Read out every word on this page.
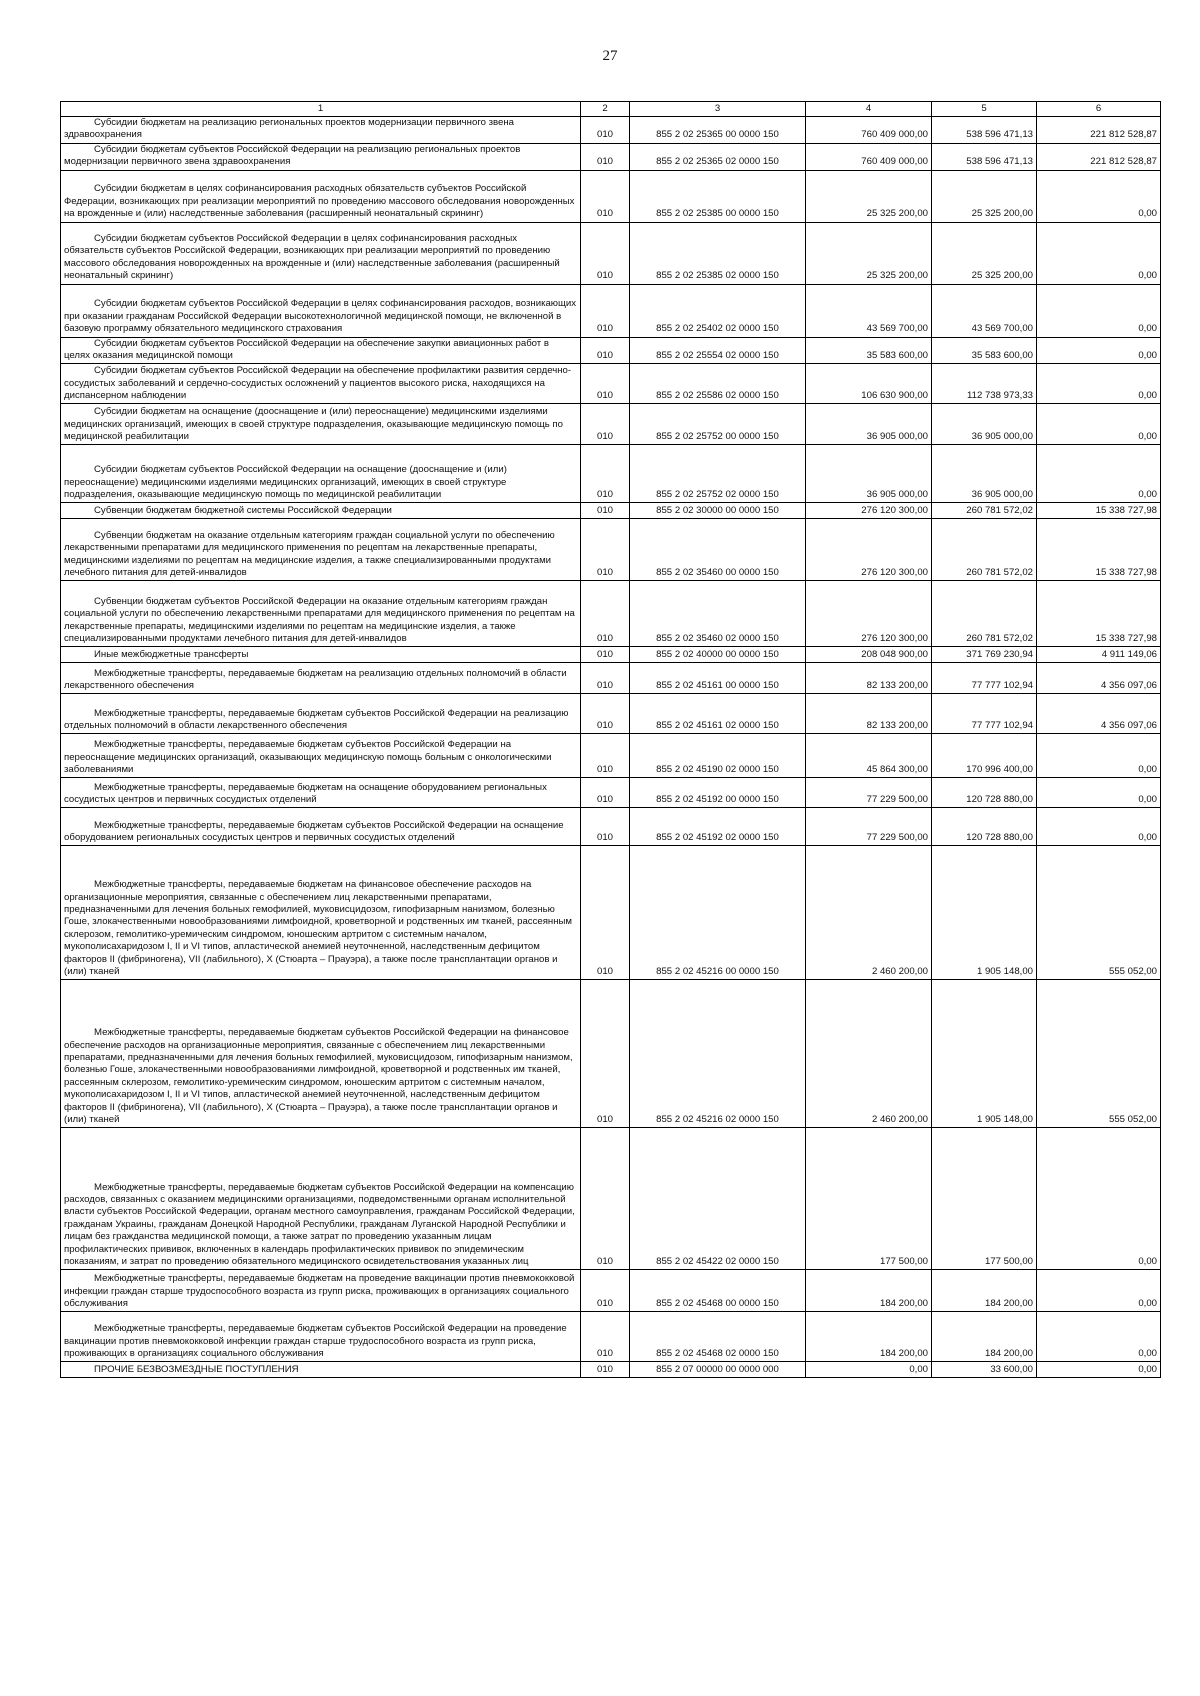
27
1	2	3	4	5	6

Субсидии бюджетам на реализацию региональных проектов модернизации первичного звена здравоохранения	010	855 2 02 25365 00 0000 150	760 409 000,00	538 596 471,13	221 812 528,87

Субсидии бюджетам субъектов Российской Федерации на реализацию региональных проектов модернизации первичного звена здравоохранения	010	855 2 02 25365 02 0000 150	760 409 000,00	538 596 471,13	221 812 528,87

Субсидии бюджетам в целях софинансирования расходных обязательств субъектов Российской Федерации, возникающих при реализации мероприятий по проведению массового обследования новорожденных на врожденные и (или) наследственные заболевания (расширенный неонатальный скрининг)	010	855 2 02 25385 00 0000 150	25 325 200,00	25 325 200,00	0,00

Субсидии бюджетам субъектов Российской Федерации в целях софинансирования расходных обязательств субъектов Российской Федерации, возникающих при реализации мероприятий по проведению массового обследования новорожденных на врожденные и (или) наследственные заболевания (расширенный неонатальный скрининг)	010	855 2 02 25385 02 0000 150	25 325 200,00	25 325 200,00	0,00

Субсидии бюджетам субъектов Российской Федерации в целях софинансирования расходов, возникающих при оказании гражданам Российской Федерации высокотехнологичной медицинской помощи, не включенной в базовую программу обязательного медицинского страхования	010	855 2 02 25402 02 0000 150	43 569 700,00	43 569 700,00	0,00

Субсидии бюджетам субъектов Российской Федерации на обеспечение закупки авиационных работ в целях оказания медицинской помощи	010	855 2 02 25554 02 0000 150	35 583 600,00	35 583 600,00	0,00

Субсидии бюджетам субъектов Российской Федерации на обеспечение профилактики развития сердечно-сосудистых заболеваний и сердечно-сосудистых осложнений у пациентов высокого риска, находящихся на диспансерном наблюдении	010	855 2 02 25586 02 0000 150	106 630 900,00	112 738 973,33	0,00

Субсидии бюджетам на оснащение (дооснащение и (или) переоснащение) медицинскими изделиями медицинских организаций, имеющих в своей структуре подразделения, оказывающие медицинскую помощь по медицинской реабилитации	010	855 2 02 25752 00 0000 150	36 905 000,00	36 905 000,00	0,00

Субсидии бюджетам субъектов Российской Федерации на оснащение (дооснащение и (или) переоснащение) медицинскими изделиями медицинских организаций, имеющих в своей структуре подразделения, оказывающие медицинскую помощь по медицинской реабилитации	010	855 2 02 25752 02 0000 150	36 905 000,00	36 905 000,00	0,00

Субвенции бюджетам бюджетной системы Российской Федерации	010	855 2 02 30000 00 0000 150	276 120 300,00	260 781 572,02	15 338 727,98

Субвенции бюджетам на оказание отдельным категориям граждан социальной услуги по обеспечению лекарственными препаратами для медицинского применения по рецептам на лекарственные препараты, медицинскими изделиями по рецептам на медицинские изделия, а также специализированными продуктами лечебного питания для детей-инвалидов	010	855 2 02 35460 00 0000 150	276 120 300,00	260 781 572,02	15 338 727,98

Субвенции бюджетам субъектов Российской Федерации на оказание отдельным категориям граждан социальной услуги по обеспечению лекарственными препаратами для медицинского применения по рецептам на лекарственные препараты, медицинскими изделиями по рецептам на медицинские изделия, а также специализированными продуктами лечебного питания для детей-инвалидов	010	855 2 02 35460 02 0000 150	276 120 300,00	260 781 572,02	15 338 727,98

Иные межбюджетные трансферты	010	855 2 02 40000 00 0000 150	208 048 900,00	371 769 230,94	4 911 149,06

Межбюджетные трансферты, передаваемые бюджетам на реализацию отдельных полномочий в области лекарственного обеспечения	010	855 2 02 45161 00 0000 150	82 133 200,00	77 777 102,94	4 356 097,06

Межбюджетные трансферты, передаваемые бюджетам субъектов Российской Федерации на реализацию отдельных полномочий в области лекарственного обеспечения	010	855 2 02 45161 02 0000 150	82 133 200,00	77 777 102,94	4 356 097,06

Межбюджетные трансферты, передаваемые бюджетам субъектов Российской Федерации на переоснащение медицинских организаций, оказывающих медицинскую помощь больным с онкологическими заболеваниями	010	855 2 02 45190 02 0000 150	45 864 300,00	170 996 400,00	0,00

Межбюджетные трансферты, передаваемые бюджетам на оснащение оборудованием региональных сосудистых центров и первичных сосудистых отделений	010	855 2 02 45192 00 0000 150	77 229 500,00	120 728 880,00	0,00

Межбюджетные трансферты, передаваемые бюджетам субъектов Российской Федерации на оснащение оборудованием региональных сосудистых центров и первичных сосудистых отделений	010	855 2 02 45192 02 0000 150	77 229 500,00	120 728 880,00	0,00

Межбюджетные трансферты, передаваемые бюджетам на финансовое обеспечение расходов на организационные мероприятия, связанные с обеспечением лиц лекарственными препаратами, предназначенными для лечения больных гемофилией, муковисцидозом, гипофизарным нанизмом, болезнью Гоше, злокачественными новообразованиями лимфоидной, кроветворной и родственных им тканей, рассеянным склерозом, гемолитико-уремическим синдромом, юношеским артритом с системным началом, мукополисахаридозом I, II и VI типов, апластической анемией неуточненной, наследственным дефицитом факторов II (фибриногена), VII (лабильного), X (Стюарта – Прауэра), а также после трансплантации органов и (или) тканей	010	855 2 02 45216 00 0000 150	2 460 200,00	1 905 148,00	555 052,00

Межбюджетные трансферты, передаваемые бюджетам субъектов Российской Федерации на финансовое обеспечение расходов на организационные мероприятия, связанные с обеспечением лиц лекарственными препаратами, предназначенными для лечения больных гемофилией, муковисцидозом, гипофизарным нанизмом, болезнью Гоше, злокачественными новообразованиями лимфоидной, кроветворной и родственных им тканей, рассеянным склерозом, гемолитико-уремическим синдромом, юношеским артритом с системным началом, мукополисахаридозом I, II и VI типов, апластической анемией неуточненной, наследственным дефицитом факторов II (фибриногена), VII (лабильного), X (Стюарта – Прауэра), а также после трансплантации органов и (или) тканей	010	855 2 02 45216 02 0000 150	2 460 200,00	1 905 148,00	555 052,00

Межбюджетные трансферты, передаваемые бюджетам субъектов Российской Федерации на компенсацию расходов, связанных с оказанием медицинскими организациями, подведомственными органам исполнительной власти субъектов Российской Федерации, органам местного самоуправления, гражданам Российской Федерации, гражданам Украины, гражданам Донецкой Народной Республики, гражданам Луганской Народной Республики и лицам без гражданства медицинской помощи, а также затрат по проведению указанным лицам профилактических прививок, включенных в календарь профилактических прививок по эпидемическим показаниям, и затрат по проведению обязательного медицинского освидетельствования указанных лиц	010	855 2 02 45422 02 0000 150	177 500,00	177 500,00	0,00

Межбюджетные трансферты, передаваемые бюджетам на проведение вакцинации против пневмококковой инфекции граждан старше трудоспособного возраста из групп риска, проживающих в организациях социального обслуживания	010	855 2 02 45468 00 0000 150	184 200,00	184 200,00	0,00

Межбюджетные трансферты, передаваемые бюджетам субъектов Российской Федерации на проведение вакцинации против пневмококковой инфекции граждан старше трудоспособного возраста из групп риска, проживающих в организациях социального обслуживания	010	855 2 02 45468 02 0000 150	184 200,00	184 200,00	0,00

ПРОЧИЕ БЕЗВОЗМЕЗДНЫЕ ПОСТУПЛЕНИЯ	010	855 2 07 00000 00 0000 000	0,00	33 600,00	0,00
